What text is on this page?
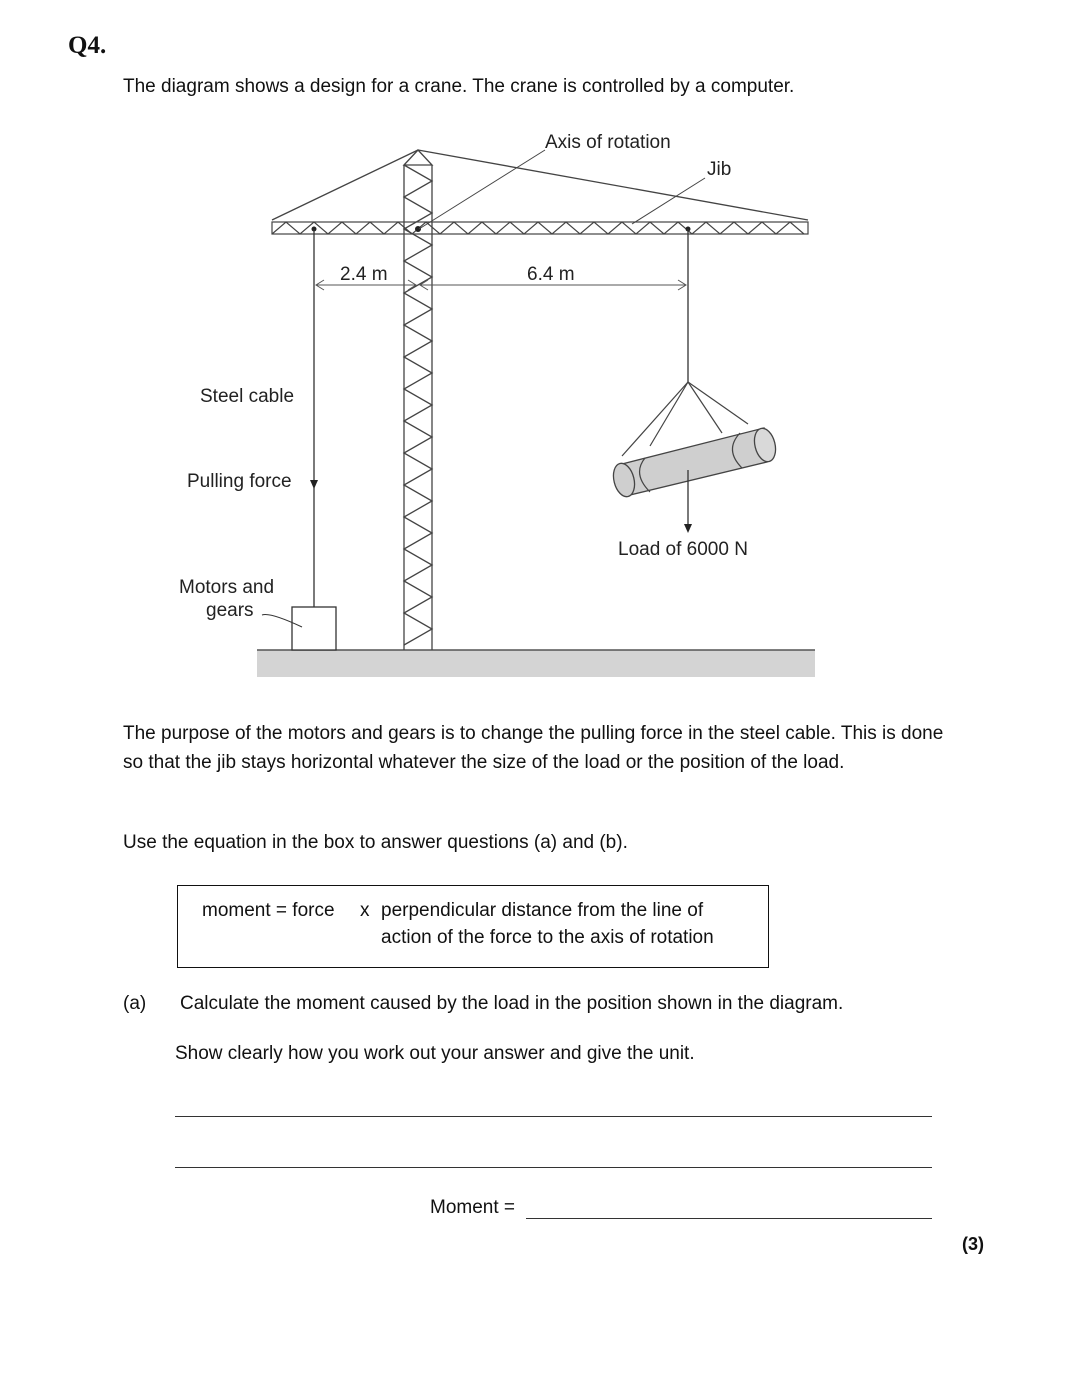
Q4.

The diagram shows a design for a crane. The crane is controlled by a computer.

Axis of rotation
Jib
2.4 m	6.4 m
Steel cable
Pulling force
Motors and
gears
Load of 6000 N

The purpose of the motors and gears is to change the pulling force in the steel cable. This is done so that the jib stays horizontal whatever the size of the load or the position of the load.

Use the equation in the box to answer questions (a) and (b).

moment = force x perpendicular distance from the line of
action of the force to the axis of rotation
(a) Calculate the moment caused by the load in the position shown in the diagram.
Show clearly how you work out your answer and give the unit.
Moment =
(3)
